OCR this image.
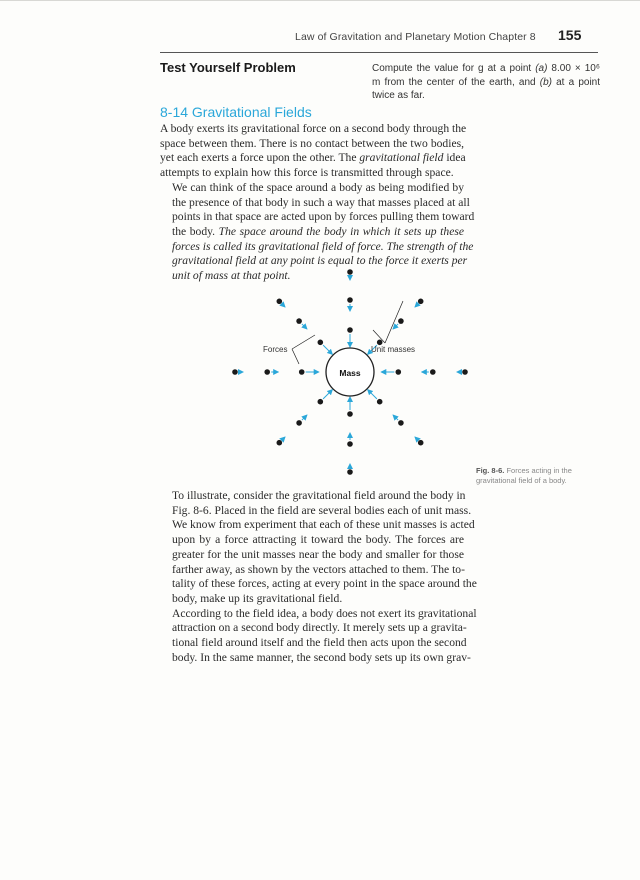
Law of Gravitation and Planetary Motion Chapter 8 155
Test Yourself Problem	Compute the value for g at a point (a) 8.00 × 10⁶
m from the center of the earth, and (b) at a point
twice as far.
8-14 Gravitational Fields

A body exerts its gravitational force on a second body through the
space between them. There is no contact between the two bodies,
yet each exerts a force upon the other. The gravitational field idea
attempts to explain how this force is transmitted through space.

We can think of the space around a body as being modified by
the presence of that body in such a way that masses placed at all
points in that space are acted upon by forces pulling them toward
the body. The space around the body in which it sets up these
forces is called its gravitational field of force. The strength of the
gravitational field at any point is equal to the force it exerts per
unit of mass at that point.

Mass
Forces	Unit masses
Fig. 8-6. Forces acting in the gravitational field of a body.

To illustrate, consider the gravitational field around the body in
Fig. 8-6. Placed in the field are several bodies each of unit mass.
We know from experiment that each of these unit masses is acted
upon by a force attracting it toward the body. The forces are
greater for the unit masses near the body and smaller for those
farther away, as shown by the vectors attached to them. The to-
tality of these forces, acting at every point in the space around the
body, make up its gravitational field.

According to the field idea, a body does not exert its gravitational
attraction on a second body directly. It merely sets up a gravita-
tional field around itself and the field then acts upon the second
body. In the same manner, the second body sets up its own grav-
